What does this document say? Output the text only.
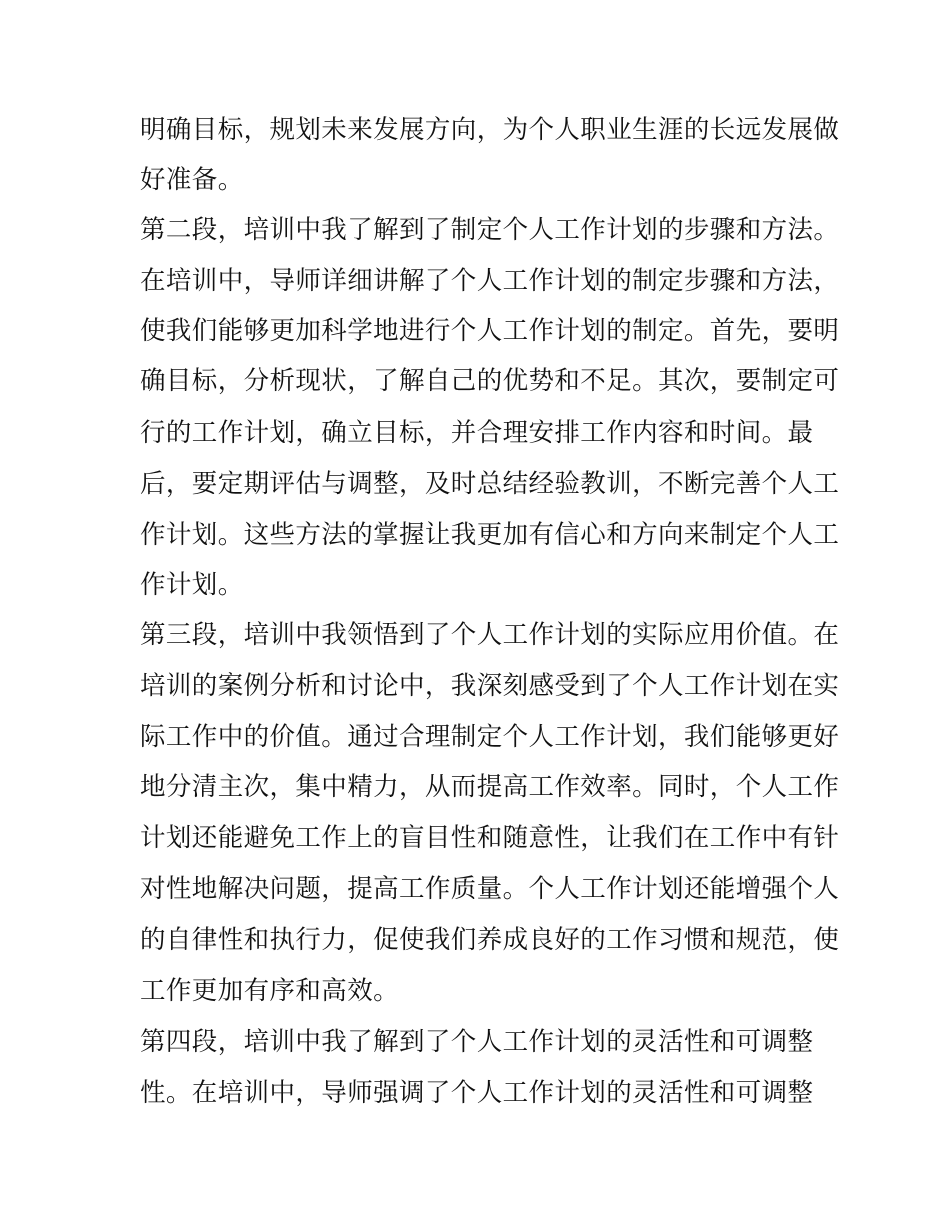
明确目标，规划未来发展方向，为个人职业生涯的长远发展做
好准备。
第二段，培训中我了解到了制定个人工作计划的步骤和方法。
在培训中，导师详细讲解了个人工作计划的制定步骤和方法，
使我们能够更加科学地进行个人工作计划的制定。首先，要明
确目标，分析现状，了解自己的优势和不足。其次，要制定可
行的工作计划，确立目标，并合理安排工作内容和时间。最
后，要定期评估与调整，及时总结经验教训，不断完善个人工
作计划。这些方法的掌握让我更加有信心和方向来制定个人工
作计划。
第三段，培训中我领悟到了个人工作计划的实际应用价值。在
培训的案例分析和讨论中，我深刻感受到了个人工作计划在实
际工作中的价值。通过合理制定个人工作计划，我们能够更好
地分清主次，集中精力，从而提高工作效率。同时，个人工作
计划还能避免工作上的盲目性和随意性，让我们在工作中有针
对性地解决问题，提高工作质量。个人工作计划还能增强个人
的自律性和执行力，促使我们养成良好的工作习惯和规范，使
工作更加有序和高效。
第四段，培训中我了解到了个人工作计划的灵活性和可调整
性。在培训中，导师强调了个人工作计划的灵活性和可调整
